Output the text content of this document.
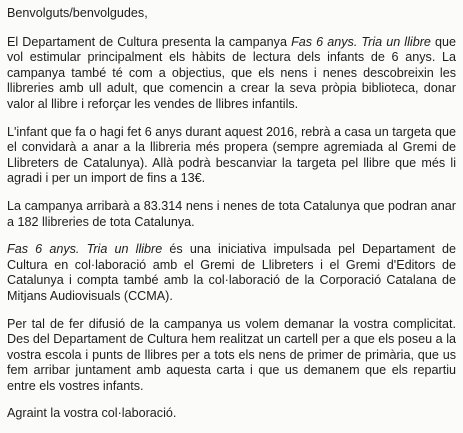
Benvolguts/benvolgudes,

El Departament de Cultura presenta la campanya Fas 6 anys. Tria un llibre que vol estimular principalment els hàbits de lectura dels infants de 6 anys. La campanya també té com a objectius, que els nens i nenes descobreixin les llibreries amb ull adult, que comencin a crear la seva pròpia biblioteca, donar valor al llibre i reforçar les vendes de llibres infantils.

L'infant que fa o hagi fet 6 anys durant aquest 2016, rebrà a casa un targeta que el convidarà a anar a la llibreria més propera (sempre agremiada al Gremi de Llibreters de Catalunya). Allà podrà bescanviar la targeta pel llibre que més li agradi i per un import de fins a 13€.

La campanya arribarà a 83.314 nens i nenes de tota Catalunya que podran anar a 182 llibreries de tota Catalunya.

Fas 6 anys. Tria un llibre és una iniciativa impulsada pel Departament de Cultura en col·laboració amb el Gremi de Llibreters i el Gremi d'Editors de Catalunya i compta també amb la col·laboració de la Corporació Catalana de Mitjans Audiovisuals (CCMA).

Per tal de fer difusió de la campanya us volem demanar la vostra complicitat. Des del Departament de Cultura hem realitzat un cartell per a que els poseu a la vostra escola i punts de llibres per a tots els nens de primer de primària, que us fem arribar juntament amb aquesta carta i que us demanem que els repartiu entre els vostres infants.

Agraint la vostra col·laboració.
